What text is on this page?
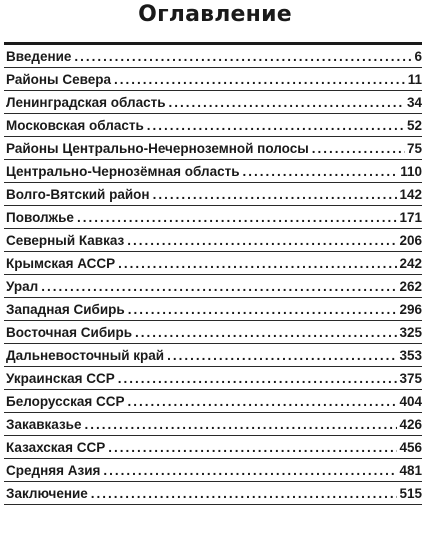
Оглавление
Введение .....	6
Районы Севера .....	11
Ленинградская область .....	34
Московская область .....	52
Районы Центрально-Нечерноземной полосы .....	75
Центрально-Чернозёмная область .....	110
Волго-Вятский район .....	142
Поволжье .....	171
Северный Кавказ .....	206
Крымская АССР .....	242
Урал .....	262
Западная Сибирь .....	296
Восточная Сибирь .....	325
Дальневосточный край .....	353
Украинская ССР .....	375
Белорусская ССР .....	404
Закавказье .....	426
Казахская ССР .....	456
Средняя Азия .....	481
Заключение .....	515
